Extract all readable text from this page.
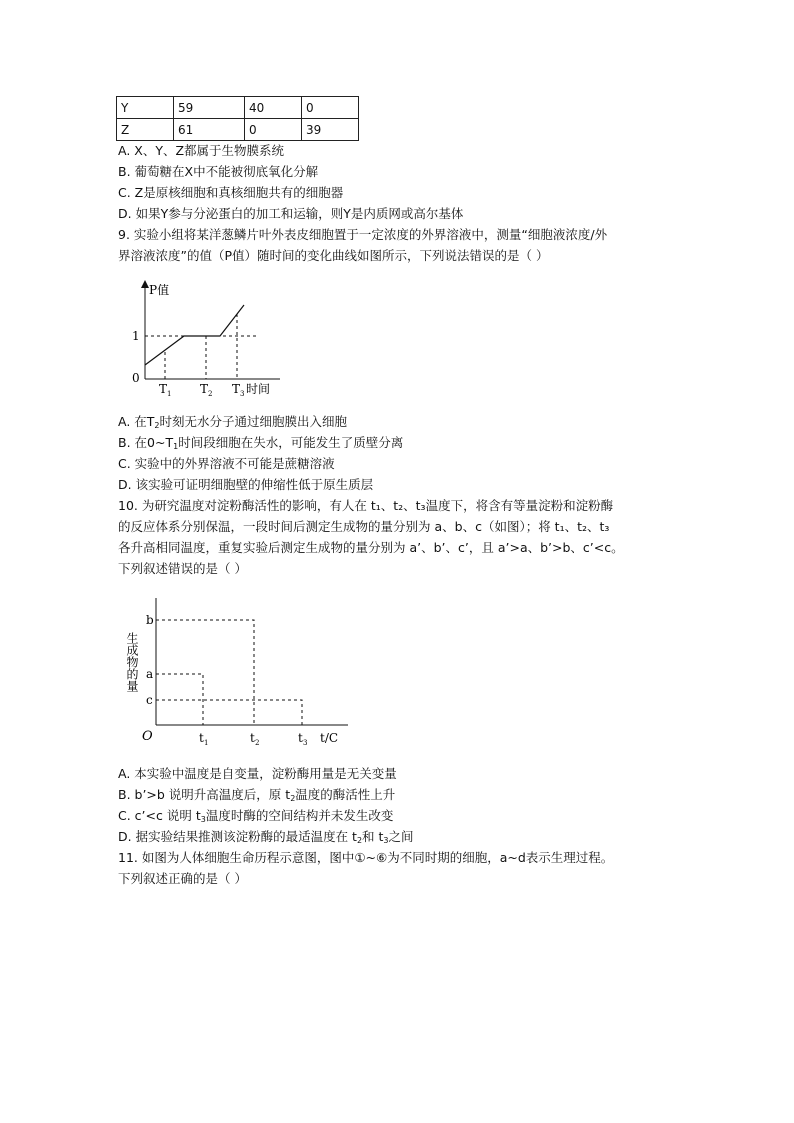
Y	59	40	0
Z	61	0	39
A. X、Y、Z都属于生物膜系统
B. 葡萄糖在X中不能被彻底氧化分解
C. Z是原核细胞和真核细胞共有的细胞器
D. 如果Y参与分泌蛋白的加工和运输，则Y是内质网或高尔基体
9. 实验小组将某洋葱鳞片叶外表皮细胞置于一定浓度的外界溶液中，测量“细胞液浓度/外
界溶液浓度”的值（P值）随时间的变化曲线如图所示，下列说法错误的是（ ）
P值
1
0
T 1 T 2 T 3 时间
A. 在$T_2$时刻无水分子通过细胞膜出入细胞
B. 在$0\sim T_1$时间段细胞在失水，可能发生了质壁分离
C. 实验中的外界溶液不可能是蔗糖溶液
D. 该实验可证明细胞壁的伸缩性低于原生质层
10. 为研究温度对淀粉酶活性的影响，有人在 t₁、t₂、t₃温度下，将含有等量淀粉和淀粉酶
的反应体系分别保温，一段时间后测定生成物的量分别为 a、b、c（如图）；将 t₁、t₂、t₃
各升高相同温度，重复实验后测定生成物的量分别为 a’、b’、c’，且 a’>a、b’>b、c’<c。
下列叙述错误的是（ ）
b
a
c
生成物的量
O	t 1	t 2	t 3 t/C
A. 本实验中温度是自变量，淀粉酶用量是无关变量
B. b’>b 说明升高温度后，原 $t_2$温度的酶活性上升
C. c’<c 说明 $t_3$温度时酶的空间结构并未发生改变
D. 据实验结果推测该淀粉酶的最适温度在 $t_2$和 $t_3$之间
11. 如图为人体细胞生命历程示意图，图中①~⑥为不同时期的细胞，a~d表示生理过程。
下列叙述正确的是（ ）
